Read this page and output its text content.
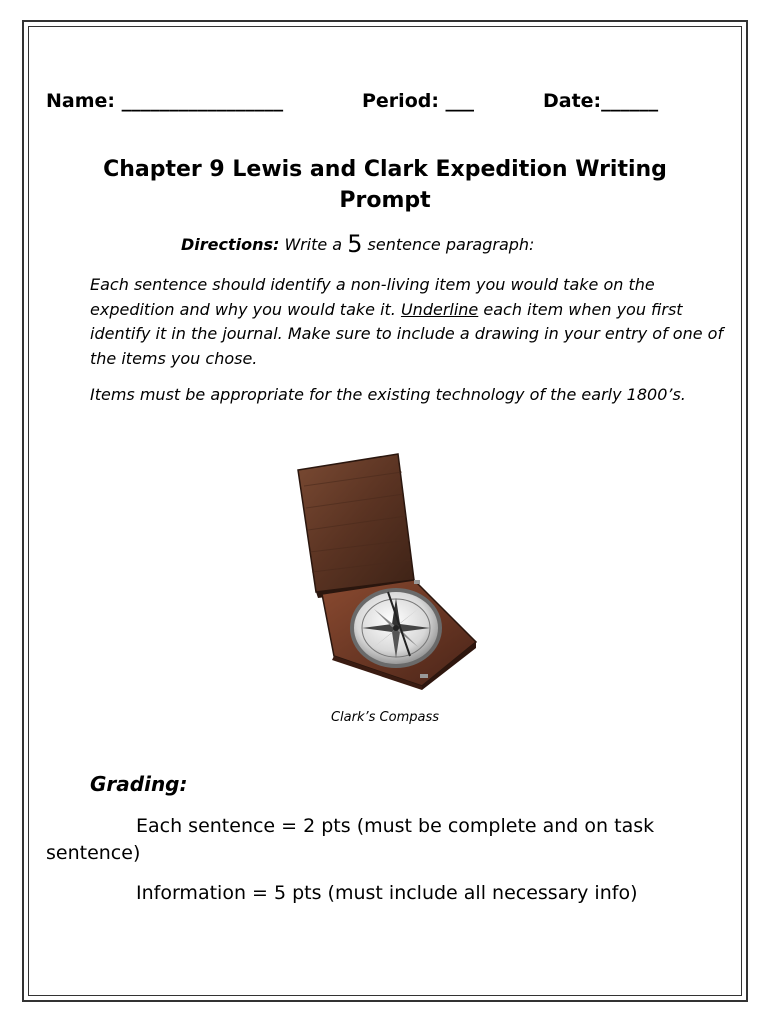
Name: _________________	Period: ___	Date:______
Chapter 9 Lewis and Clark Expedition Writing Prompt
Directions: Write a 5 sentence paragraph:
Each sentence should identify a non-living item you would take on the expedition and why you would take it. Underline each item when you first identify it in the journal. Make sure to include a drawing in your entry of one of the items you chose.
Items must be appropriate for the existing technology of the early 1800’s.
Clark’s Compass
Grading:
Each sentence = 2 pts (must be complete and on task sentence)
Information = 5 pts (must include all necessary info)
